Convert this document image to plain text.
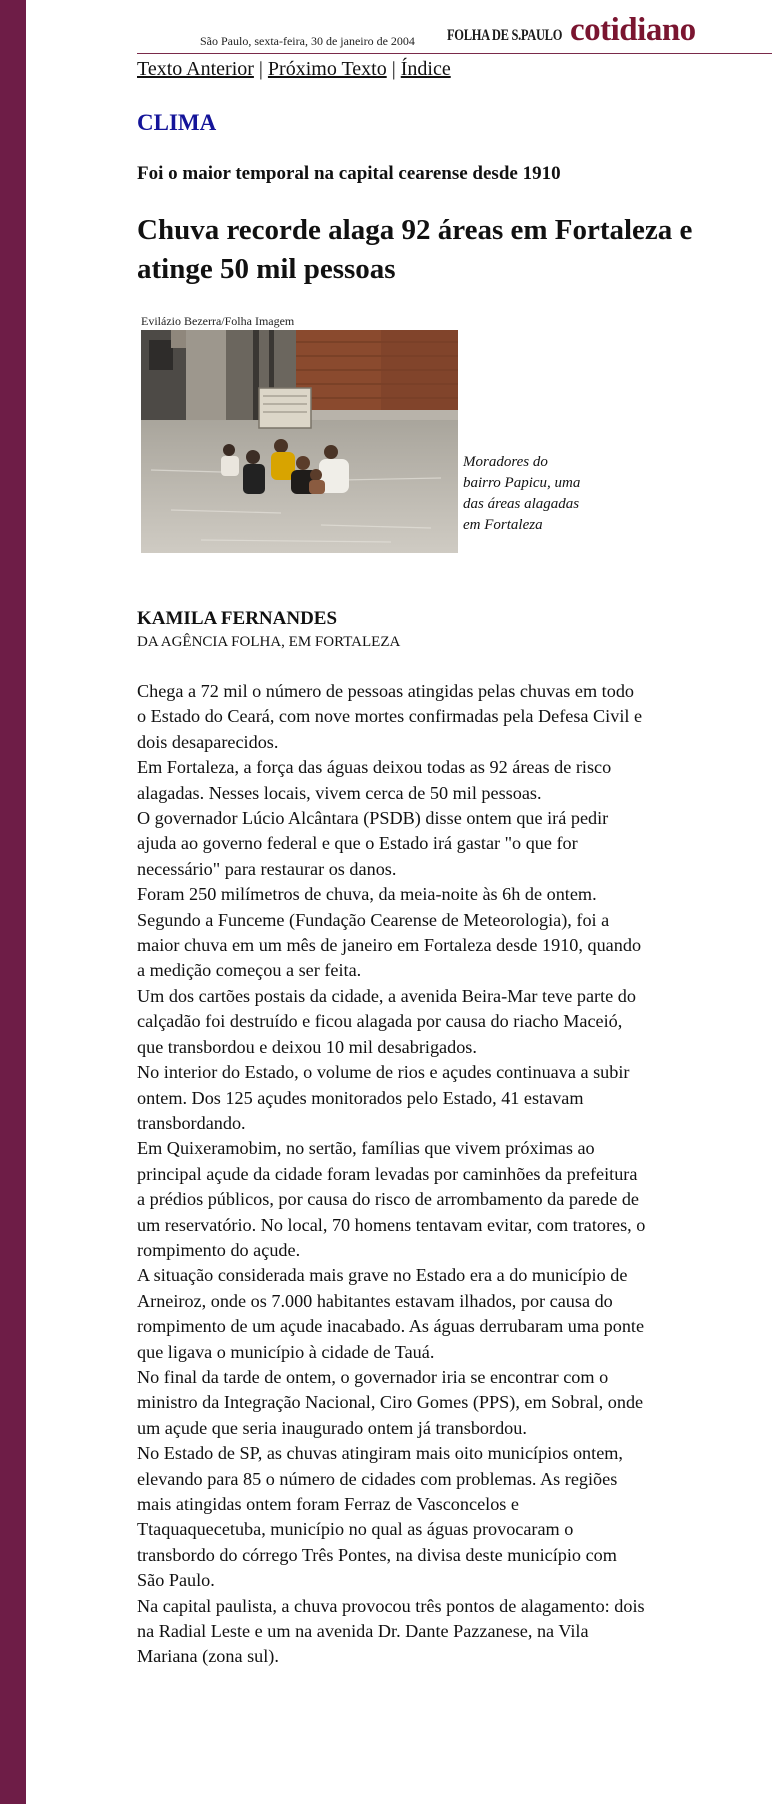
São Paulo, sexta-feira, 30 de janeiro de 2004 FOLHA DE S.PAULO cotidiano
Texto Anterior | Próximo Texto | Índice
CLIMA
Foi o maior temporal na capital cearense desde 1910
Chuva recorde alaga 92 áreas em Fortaleza e atinge 50 mil pessoas
Evilázio Bezerra/Folha Imagem
Moradores do bairro Papicu, uma das áreas alagadas em Fortaleza
KAMILA FERNANDES
DA AGÊNCIA FOLHA, EM FORTALEZA

Chega a 72 mil o número de pessoas atingidas pelas chuvas em todo o Estado do Ceará, com nove mortes confirmadas pela Defesa Civil e dois desaparecidos.

Em Fortaleza, a força das águas deixou todas as 92 áreas de risco alagadas. Nesses locais, vivem cerca de 50 mil pessoas.

O governador Lúcio Alcântara (PSDB) disse ontem que irá pedir ajuda ao governo federal e que o Estado irá gastar "o que for necessário" para restaurar os danos.

Foram 250 milímetros de chuva, da meia-noite às 6h de ontem. Segundo a Funceme (Fundação Cearense de Meteorologia), foi a maior chuva em um mês de janeiro em Fortaleza desde 1910, quando a medição começou a ser feita.

Um dos cartões postais da cidade, a avenida Beira-Mar teve parte do calçadão foi destruído e ficou alagada por causa do riacho Maceió, que transbordou e deixou 10 mil desabrigados.

No interior do Estado, o volume de rios e açudes continuava a subir ontem. Dos 125 açudes monitorados pelo Estado, 41 estavam transbordando.

Em Quixeramobim, no sertão, famílias que vivem próximas ao principal açude da cidade foram levadas por caminhões da prefeitura a prédios públicos, por causa do risco de arrombamento da parede de um reservatório. No local, 70 homens tentavam evitar, com tratores, o rompimento do açude.

A situação considerada mais grave no Estado era a do município de Arneiroz, onde os 7.000 habitantes estavam ilhados, por causa do rompimento de um açude inacabado. As águas derrubaram uma ponte que ligava o município à cidade de Tauá.

No final da tarde de ontem, o governador iria se encontrar com o ministro da Integração Nacional, Ciro Gomes (PPS), em Sobral, onde um açude que seria inaugurado ontem já transbordou.

No Estado de SP, as chuvas atingiram mais oito municípios ontem, elevando para 85 o número de cidades com problemas. As regiões mais atingidas ontem foram Ferraz de Vasconcelos e Ttaquaquecetuba, município no qual as águas provocaram o transbordo do córrego Três Pontes, na divisa deste município com São Paulo.

Na capital paulista, a chuva provocou três pontos de alagamento: dois na Radial Leste e um na avenida Dr. Dante Pazzanese, na Vila Mariana (zona sul).
